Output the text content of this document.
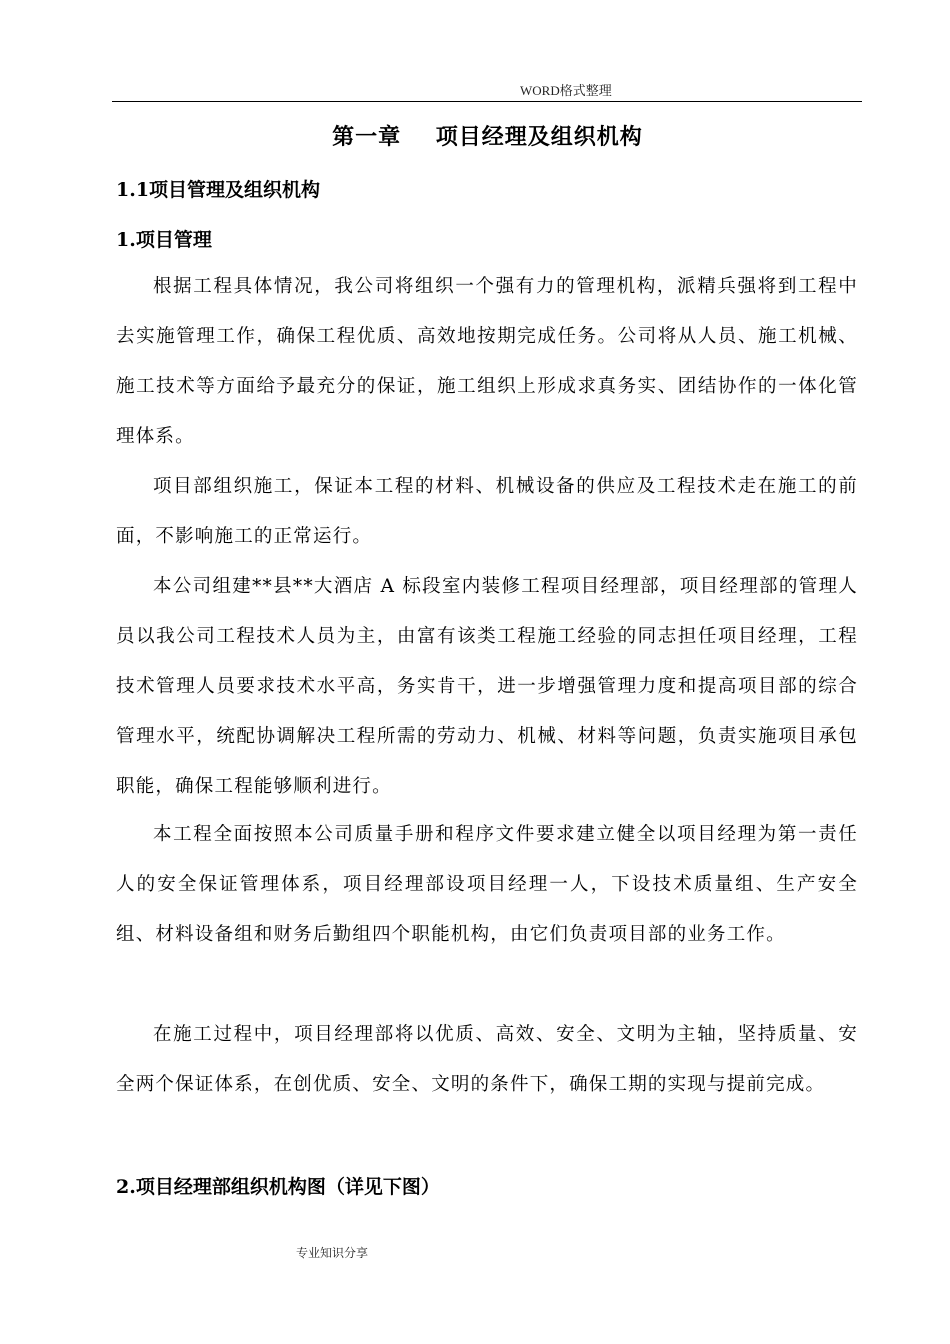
WORD格式整理
第一章    项目经理及组织机构
1.1项目管理及组织机构
1.项目管理

根据工程具体情况，我公司将组织一个强有力的管理机构，派精兵强将到工程中去实施管理工作，确保工程优质、高效地按期完成任务。公司将从人员、施工机械、施工技术等方面给予最充分的保证，施工组织上形成求真务实、团结协作的一体化管理体系。

项目部组织施工，保证本工程的材料、机械设备的供应及工程技术走在施工的前面，不影响施工的正常运行。

本公司组建**县**大酒店 A 标段室内装修工程项目经理部，项目经理部的管理人员以我公司工程技术人员为主，由富有该类工程施工经验的同志担任项目经理，工程技术管理人员要求技术水平高，务实肯干，进一步增强管理力度和提高项目部的综合管理水平，统配协调解决工程所需的劳动力、机械、材料等问题，负责实施项目承包职能，确保工程能够顺利进行。

本工程全面按照本公司质量手册和程序文件要求建立健全以项目经理为第一责任人的安全保证管理体系，项目经理部设项目经理一人，下设技术质量组、生产安全组、材料设备组和财务后勤组四个职能机构，由它们负责项目部的业务工作。

在施工过程中，项目经理部将以优质、高效、安全、文明为主轴，坚持质量、安全两个保证体系，在创优质、安全、文明的条件下，确保工期的实现与提前完成。

2.项目经理部组织机构图（详见下图）
专业知识分享
